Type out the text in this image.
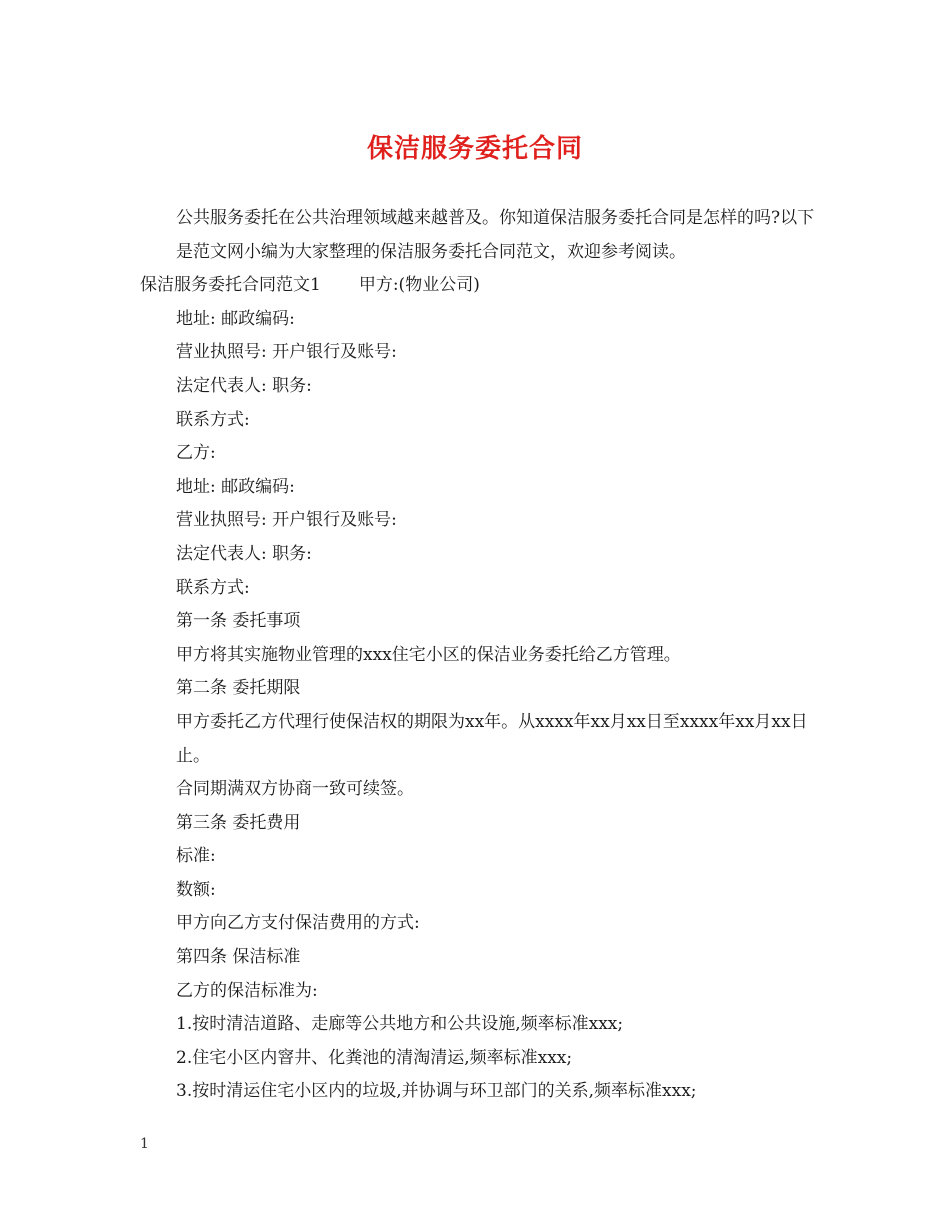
保洁服务委托合同

公共服务委托在公共治理领域越来越普及。你知道保洁服务委托合同是怎样的吗?以下是范文网小编为大家整理的保洁服务委托合同范文，欢迎参考阅读。

保洁服务委托合同范文1 甲方:(物业公司)

地址: 邮政编码:

营业执照号: 开户银行及账号:

法定代表人: 职务:

联系方式:

乙方:

地址: 邮政编码:

营业执照号: 开户银行及账号:

法定代表人: 职务:

联系方式:

第一条 委托事项

甲方将其实施物业管理的xxx住宅小区的保洁业务委托给乙方管理。

第二条 委托期限

甲方委托乙方代理行使保洁权的期限为xx年。从xxxx年xx月xx日至xxxx年xx月xx日止。

合同期满双方协商一致可续签。

第三条 委托费用

标准:

数额:

甲方向乙方支付保洁费用的方式:

第四条 保洁标准

乙方的保洁标准为:

1.按时清洁道路、走廊等公共地方和公共设施,频率标准xxx;

2.住宅小区内窨井、化粪池的清淘清运,频率标准xxx;

3.按时清运住宅小区内的垃圾,并协调与环卫部门的关系,频率标准xxx;

1
